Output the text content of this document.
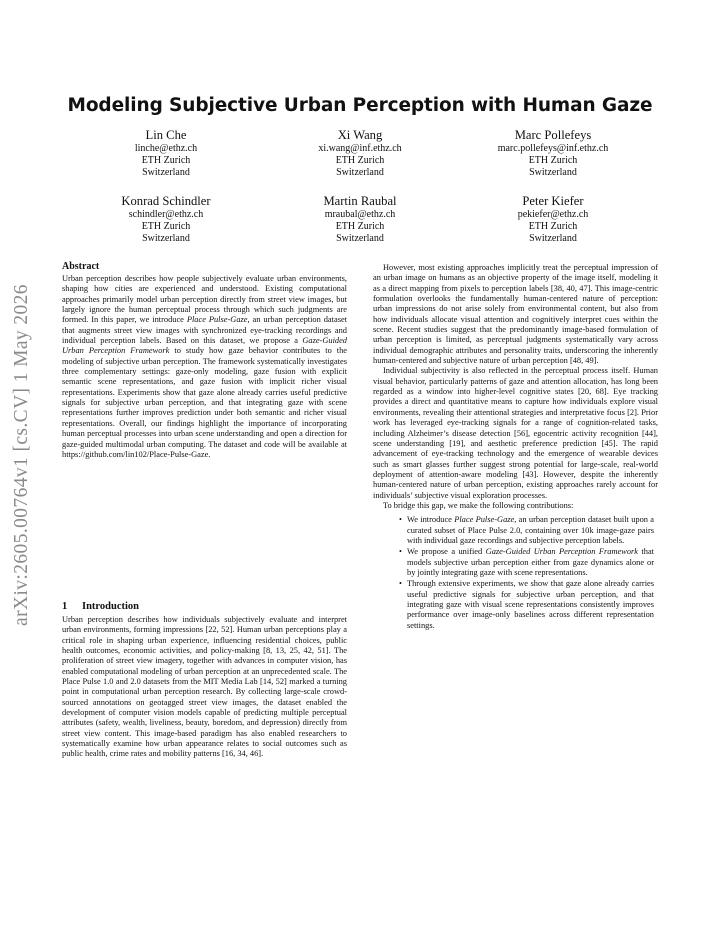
arXiv:2605.00764v1 [cs.CV] 1 May 2026
Modeling Subjective Urban Perception with Human Gaze
Lin Che
linche@ethz.ch
ETH Zurich
Switzerland
Xi Wang
xi.wang@inf.ethz.ch
ETH Zurich
Switzerland
Marc Pollefeys
marc.pollefeys@inf.ethz.ch
ETH Zurich
Switzerland
Konrad Schindler
schindler@ethz.ch
ETH Zurich
Switzerland
Martin Raubal
mraubal@ethz.ch
ETH Zurich
Switzerland
Peter Kiefer
pekiefer@ethz.ch
ETH Zurich
Switzerland
Abstract

Urban perception describes how people subjectively evaluate urban environments, shaping how cities are experienced and understood. Existing computational approaches primarily model urban perception directly from street view images, but largely ignore the human perceptual process through which such judgments are formed. In this paper, we introduce Place Pulse-Gaze, an urban perception dataset that augments street view images with synchronized eye-tracking recordings and individual perception labels. Based on this dataset, we propose a Gaze-Guided Urban Perception Framework to study how gaze behavior contributes to the modeling of subjective urban perception. The framework systematically investigates three complementary settings: gaze-only modeling, gaze fusion with explicit semantic scene representations, and gaze fusion with implicit richer visual representations. Experiments show that gaze alone already carries useful predictive signals for subjective urban perception, and that integrating gaze with scene representations further improves prediction under both semantic and richer visual representations. Overall, our findings highlight the importance of incorporating human perceptual processes into urban scene understanding and open a direction for gaze-guided multimodal urban computing. The dataset and code will be available at https://github.com/lin102/Place-Pulse-Gaze.

1 Introduction

Urban perception describes how individuals subjectively evaluate and interpret urban environments, forming impressions [22, 52]. Human urban perceptions play a critical role in shaping urban experience, influencing residential choices, public health outcomes, economic activities, and policy-making [8, 13, 25, 42, 51]. The proliferation of street view imagery, together with advances in computer vision, has enabled computational modeling of urban perception at an unprecedented scale. The Place Pulse 1.0 and 2.0 datasets from the MIT Media Lab [14, 52] marked a turning point in computational urban perception research. By collecting large-scale crowd-sourced annotations on geotagged street view images, the dataset enabled the development of computer vision models capable of predicting multiple perceptual attributes (safety, wealth, liveliness, beauty, boredom, and depression) directly from street view content. This image-based paradigm has also enabled researchers to systematically examine how urban appearance relates to social outcomes such as public health, crime rates and mobility patterns [16, 34, 46].

However, most existing approaches implicitly treat the perceptual impression of an urban image on humans as an objective property of the image itself, modeling it as a direct mapping from pixels to perception labels [38, 40, 47]. This image-centric formulation overlooks the fundamentally human-centered nature of perception: urban impressions do not arise solely from environmental content, but also from how individuals allocate visual attention and cognitively interpret cues within the scene. Recent studies suggest that the predominantly image-based formulation of urban perception is limited, as perceptual judgments systematically vary across individual demographic attributes and personality traits, underscoring the inherently human-centered and subjective nature of urban perception [48, 49].

Individual subjectivity is also reflected in the perceptual process itself. Human visual behavior, particularly patterns of gaze and attention allocation, has long been regarded as a window into higher-level cognitive states [20, 68]. Eye tracking provides a direct and quantitative means to capture how individuals explore visual environments, revealing their attentional strategies and interpretative focus [2]. Prior work has leveraged eye-tracking signals for a range of cognition-related tasks, including Alzheimer’s disease detection [56], egocentric activity recognition [44], scene understanding [19], and aesthetic preference prediction [45]. The rapid advancement of eye-tracking technology and the emergence of wearable devices such as smart glasses further suggest strong potential for large-scale, real-world deployment of attention-aware modeling [43]. However, despite the inherently human-centered nature of urban perception, existing approaches rarely account for individuals’ subjective visual exploration processes.

To bridge this gap, we make the following contributions:

• We introduce Place Pulse-Gaze, an urban perception dataset built upon a curated subset of Place Pulse 2.0, containing over 10k image-gaze pairs with individual gaze recordings and subjective perception labels.
• We propose a unified Gaze-Guided Urban Perception Framework that models subjective urban perception either from gaze dynamics alone or by jointly integrating gaze with scene representations.
• Through extensive experiments, we show that gaze alone already carries useful predictive signals for subjective urban perception, and that integrating gaze with visual scene representations consistently improves performance over image-only baselines across different representation settings.
